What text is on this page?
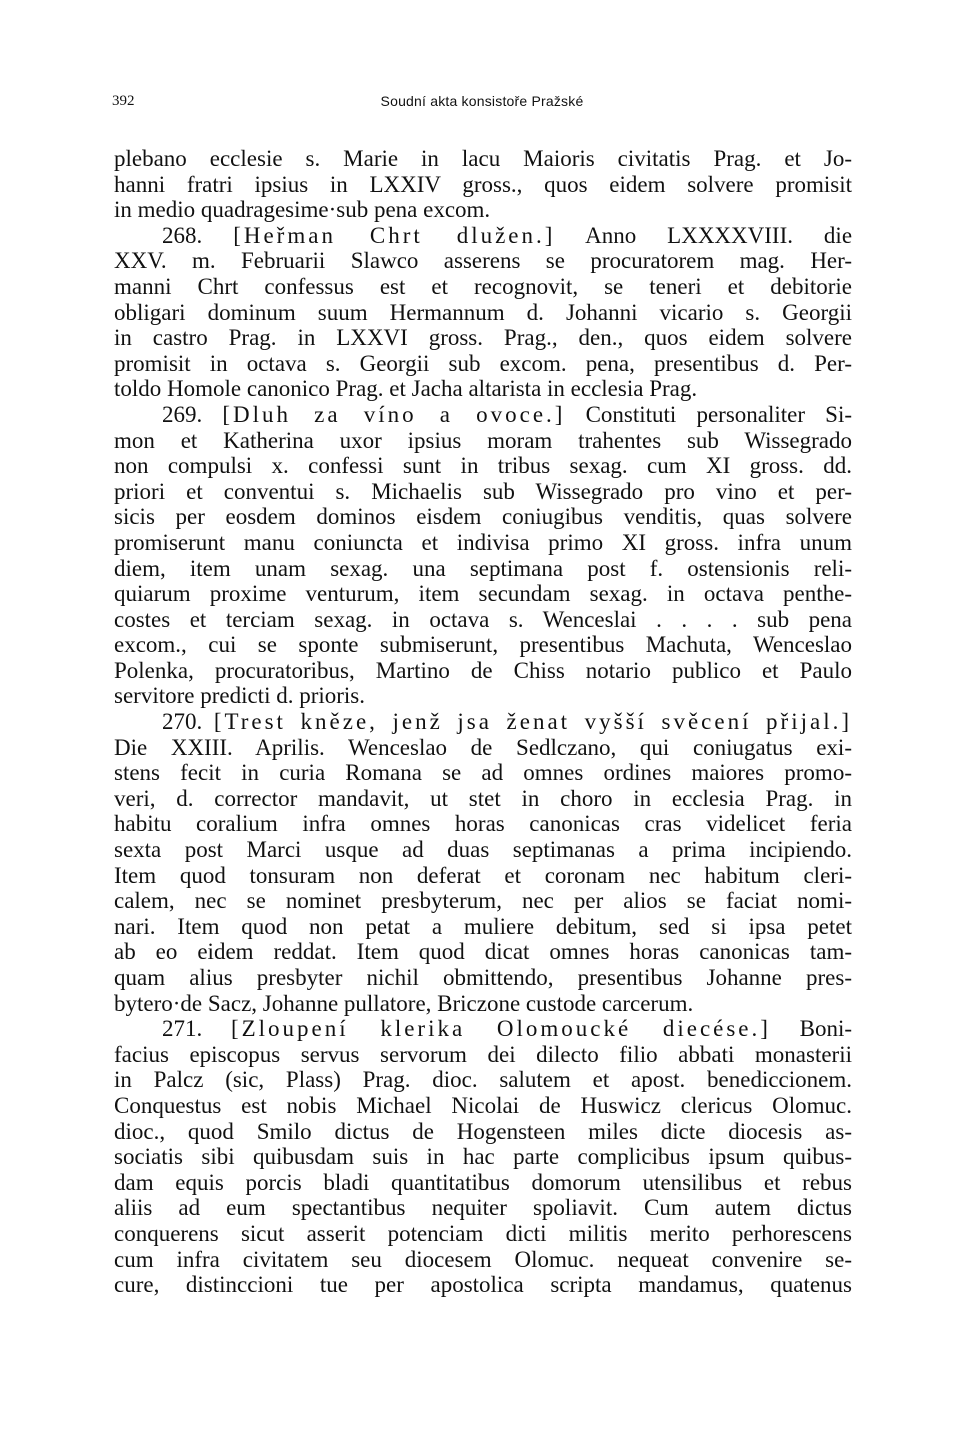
392	Soudní akta konsistoře Pražské
plebano ecclesie s. Marie in lacu Maioris civitatis Prag. et Jo-
hanni fratri ipsius in LXXIV gross., quos eidem solvere promisit
in medio quadragesime·sub pena excom.
268. [Heřman Chrt dlužen.] Anno LXXXXVIII. die
XXV. m. Februarii Slawco asserens se procuratorem mag. Her-
manni Chrt confessus est et recognovit, se teneri et debitorie
obligari dominum suum Hermannum d. Johanni vicario s. Georgii
in castro Prag. in LXXVI gross. Prag., den., quos eidem solvere
promisit in octava s. Georgii sub excom. pena, presentibus d. Per-
toldo Homole canonico Prag. et Jacha altarista in ecclesia Prag.
269. [Dluh za víno a ovoce.] Constituti personaliter Si-
mon et Katherina uxor ipsius moram trahentes sub Wissegrado
non compulsi x. confessi sunt in tribus sexag. cum XI gross. dd.
priori et conventui s. Michaelis sub Wissegrado pro vino et per-
sicis per eosdem dominos eisdem coniugibus venditis, quas solvere
promiserunt manu coniuncta et indivisa primo XI gross. infra unum
diem, item unam sexag. una septimana post f. ostensionis reli-
quiarum proxime venturum, item secundam sexag. in octava penthe-
costes et terciam sexag. in octava s. Wenceslai . . . . sub pena
excom., cui se sponte submiserunt, presentibus Machuta, Wenceslao
Polenka, procuratoribus, Martino de Chiss notario publico et Paulo
servitore predicti d. prioris.
270. [Trest kněze, jenž jsa ženat vyšší svěcení přijal.]
Die XXIII. Aprilis. Wenceslao de Sedlczano, qui coniugatus exi-
stens fecit in curia Romana se ad omnes ordines maiores promo-
veri, d. corrector mandavit, ut stet in choro in ecclesia Prag. in
habitu coralium infra omnes horas canonicas cras videlicet feria
sexta post Marci usque ad duas septimanas a prima incipiendo.
Item quod tonsuram non deferat et coronam nec habitum cleri-
calem, nec se nominet presbyterum, nec per alios se faciat nomi-
nari. Item quod non petat a muliere debitum, sed si ipsa petet
ab eo eidem reddat. Item quod dicat omnes horas canonicas tam-
quam alius presbyter nichil obmittendo, presentibus Johanne pres-
bytero·de Sacz, Johanne pullatore, Briczone custode carcerum.
271. [Zloupení klerika Olomoucké diecése.] Boni-
facius episcopus servus servorum dei dilecto filio abbati monasterii
in Palcz (sic, Plass) Prag. dioc. salutem et apost. benediccionem.
Conquestus est nobis Michael Nicolai de Huswicz clericus Olomuc.
dioc., quod Smilo dictus de Hogensteen miles dicte diocesis as-
sociatis sibi quibusdam suis in hac parte complicibus ipsum quibus-
dam equis porcis bladi quantitatibus domorum utensilibus et rebus
aliis ad eum spectantibus nequiter spoliavit. Cum autem dictus
conquerens sicut asserit potenciam dicti militis merito perhorescens
cum infra civitatem seu diocesem Olomuc. nequeat convenire se-
cure, distinccioni tue per apostolica scripta mandamus, quatenus
